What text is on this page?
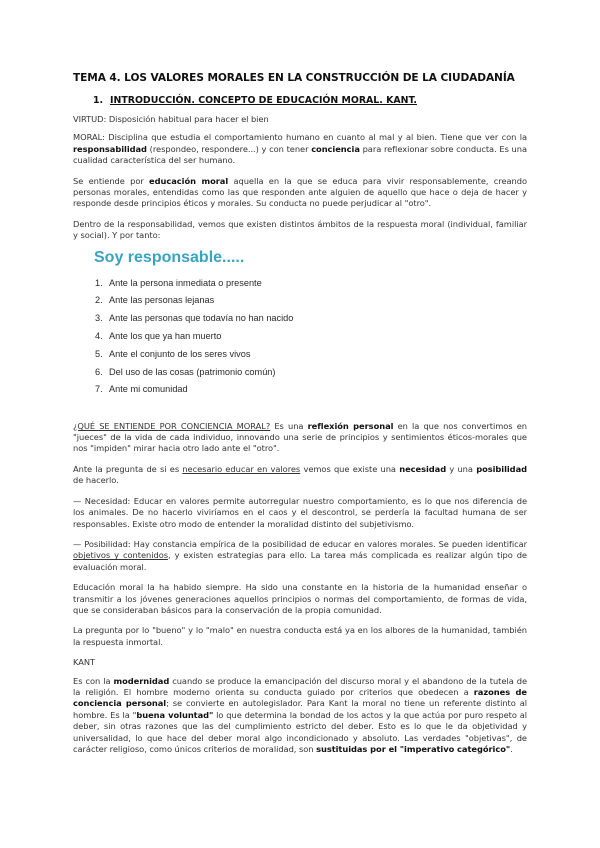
TEMA 4. LOS VALORES MORALES EN LA CONSTRUCCIÓN DE LA CIUDADANÍA
1. INTRODUCCIÓN. CONCEPTO DE EDUCACIÓN MORAL. KANT.

VIRTUD: Disposición habitual para hacer el bien

MORAL: Disciplina que estudia el comportamiento humano en cuanto al mal y al bien. Tiene que ver con la responsabilidad (respondeo, respondere...) y con tener conciencia para reflexionar sobre conducta. Es una cualidad característica del ser humano.

Se entiende por educación moral aquella en la que se educa para vivir responsablemente, creando personas morales, entendidas como las que responden ante alguien de aquello que hace o deja de hacer y responde desde principios éticos y morales. Su conducta no puede perjudicar al "otro".

Dentro de la responsabilidad, vemos que existen distintos ámbitos de la respuesta moral (individual, familiar y social). Y por tanto:

Soy responsable.....
1. Ante la persona inmediata o presente
2. Ante las personas lejanas
3. Ante las personas que todavía no han nacido
4. Ante los que ya han muerto
5. Ante el conjunto de los seres vivos
6. Del uso de las cosas (patrimonio común)
7. Ante mi comunidad

¿QUÉ SE ENTIENDE POR CONCIENCIA MORAL? Es una reflexión personal en la que nos convertimos en "jueces" de la vida de cada individuo, innovando una serie de principios y sentimientos éticos-morales que nos "impiden" mirar hacia otro lado ante el "otro".

Ante la pregunta de si es necesario educar en valores vemos que existe una necesidad y una posibilidad de hacerlo.

— Necesidad: Educar en valores permite autorregular nuestro comportamiento, es lo que nos diferencia de los animales. De no hacerlo viviríamos en el caos y el descontrol, se perdería la facultad humana de ser responsables. Existe otro modo de entender la moralidad distinto del subjetivismo.

— Posibilidad: Hay constancia empírica de la posibilidad de educar en valores morales. Se pueden identificar objetivos y contenidos, y existen estrategias para ello. La tarea más complicada es realizar algún tipo de evaluación moral.

Educación moral la ha habido siempre. Ha sido una constante en la historia de la humanidad enseñar o transmitir a los jóvenes generaciones aquellos principios o normas del comportamiento, de formas de vida, que se consideraban básicos para la conservación de la propia comunidad.

La pregunta por lo "bueno" y lo "malo" en nuestra conducta está ya en los albores de la humanidad, también la respuesta inmortal.

KANT

Es con la modernidad cuando se produce la emancipación del discurso moral y el abandono de la tutela de la religión. El hombre moderno orienta su conducta guiado por criterios que obedecen a razones de conciencia personal; se convierte en autolegislador. Para Kant la moral no tiene un referente distinto al hombre. Es la "buena voluntad" lo que determina la bondad de los actos y la que actúa por puro respeto al deber, sin otras razones que las del cumplimiento estricto del deber. Esto es lo que le da objetividad y universalidad, lo que hace del deber moral algo incondicionado y absoluto. Las verdades "objetivas", de carácter religioso, como únicos criterios de moralidad, son sustituidas por el "imperativo categórico".
